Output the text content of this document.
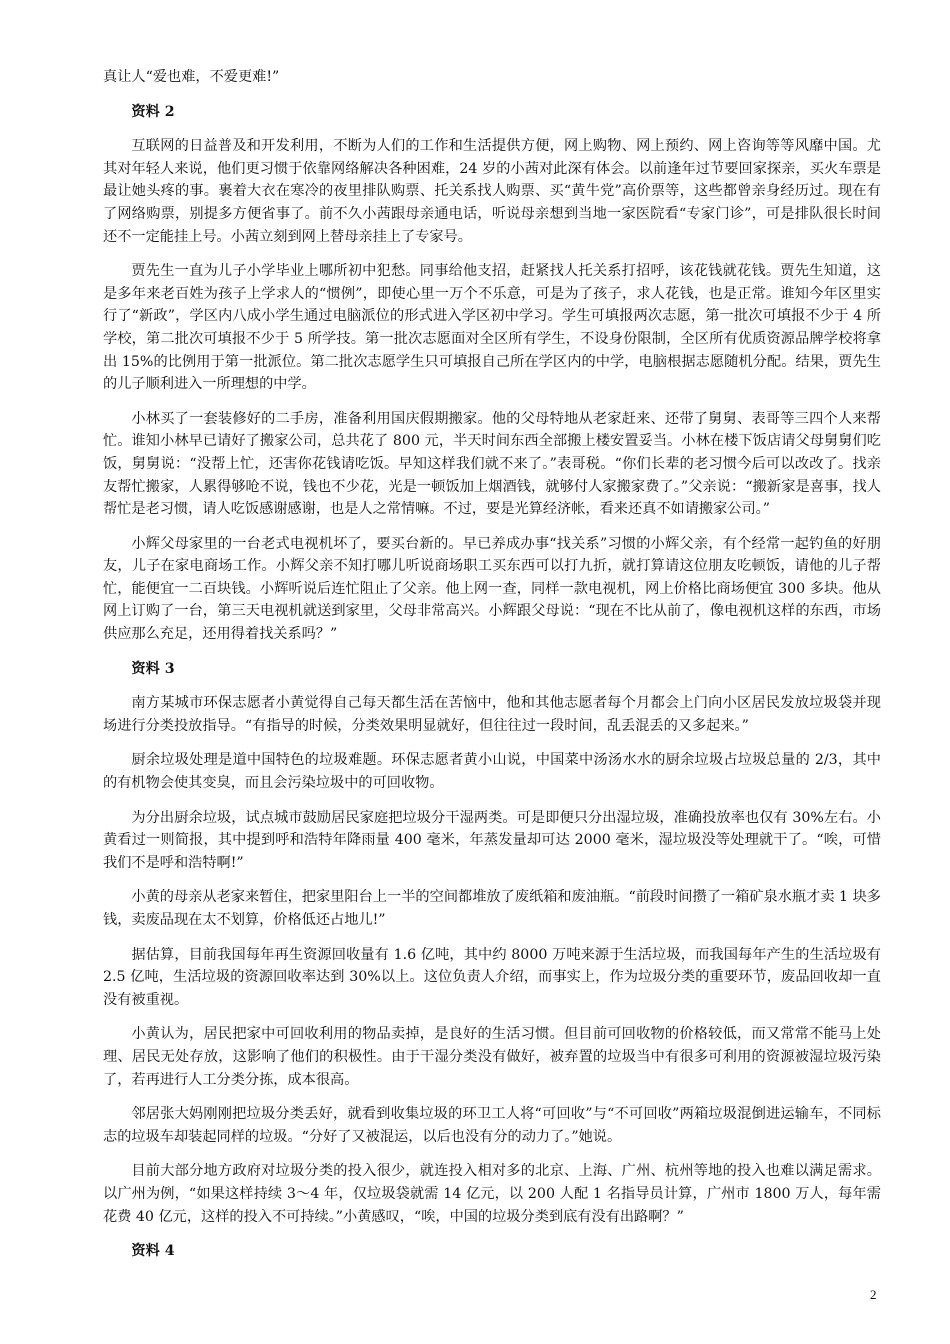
真让人“爱也难，不爱更难!”

资料 2

互联网的日益普及和开发利用，不断为人们的工作和生活提供方便，网上购物、网上预约、网上咨询等等风靡中国。尤其对年轻人来说，他们更习惯于依靠网络解决各种困难，24 岁的小茜对此深有体会。以前逢年过节要回家探亲，买火车票是最让她头疼的事。裹着大衣在寒冷的夜里排队购票、托关系找人购票、买“黄牛党”高价票等，这些都曾亲身经历过。现在有了网络购票，别提多方便省事了。前不久小茜跟母亲通电话，听说母亲想到当地一家医院看“专家门诊”，可是排队很长时间还不一定能挂上号。小茜立刻到网上替母亲挂上了专家号。

贾先生一直为儿子小学毕业上哪所初中犯愁。同事给他支招，赶紧找人托关系打招呼，该花钱就花钱。贾先生知道，这是多年来老百姓为孩子上学求人的“惯例”，即使心里一万个不乐意，可是为了孩子，求人花钱，也是正常。谁知今年区里实行了“新政”，学区内八成小学生通过电脑派位的形式进入学区初中学习。学生可填报两次志愿，第一批次可填报不少于 4 所学校，第二批次可填报不少于 5 所学技。第一批次志愿面对全区所有学生，不设身份限制，全区所有优质资源品牌学校将拿出 15%的比例用于第一批派位。第二批次志愿学生只可填报自己所在学区内的中学，电脑根据志愿随机分配。结果，贾先生的儿子顺利进入一所理想的中学。

小林买了一套装修好的二手房，准备利用国庆假期搬家。他的父母特地从老家赶来、还带了舅舅、表哥等三四个人来帮忙。谁知小林早已请好了搬家公司，总共花了 800 元，半天时间东西全部搬上楼安置妥当。小林在楼下饭店请父母舅舅们吃饭，舅舅说：“没帮上忙，还害你花钱请吃饭。早知这样我们就不来了。”表哥税。“你们长辈的老习惯今后可以改改了。找亲友帮忙搬家，人累得够呛不说，钱也不少花，光是一顿饭加上烟酒钱，就够付人家搬家费了。”父亲说：“搬新家是喜事，找人帮忙是老习惯，请人吃饭感谢感谢，也是人之常情嘛。不过，要是光算经济帐，看来还真不如请搬家公司。”

小辉父母家里的一台老式电视机坏了，要买台新的。早已养成办事“找关系”习惯的小辉父亲，有个经常一起钓鱼的好朋友，儿子在家电商场工作。小辉父亲不知打哪儿听说商场职工买东西可以打九折，就打算请这位朋友吃顿饭，请他的儿子帮忙，能便宜一二百块钱。小辉听说后连忙阻止了父亲。他上网一查，同样一款电视机，网上价格比商场便宜 300 多块。他从网上订购了一台，第三天电视机就送到家里，父母非常高兴。小辉跟父母说：“现在不比从前了，像电视机这样的东西，市场供应那么充足，还用得着找关系吗？”

资料 3

南方某城市环保志愿者小黄觉得自己每天都生活在苦恼中，他和其他志愿者每个月都会上门向小区居民发放垃圾袋并现场进行分类投放指导。“有指导的时候，分类效果明显就好，但往往过一段时间，乱丢混丢的又多起来。”

厨余垃圾处理是道中国特色的垃圾难题。环保志愿者黄小山说，中国菜中汤汤水水的厨余垃圾占垃圾总量的 2/3，其中的有机物会使其变臭，而且会污染垃圾中的可回收物。

为分出厨余垃圾，试点城市鼓励居民家庭把垃圾分干湿两类。可是即便只分出湿垃圾，准确投放率也仅有 30%左右。小黄看过一则简报，其中提到呼和浩特年降雨量 400 毫米，年蒸发量却可达 2000 毫米，湿垃圾没等处理就干了。“唉，可惜我们不是呼和浩特啊!”

小黄的母亲从老家来暂住，把家里阳台上一半的空间都堆放了废纸箱和废油瓶。“前段时间攒了一箱矿泉水瓶才卖 1 块多钱，卖废品现在太不划算，价格低还占地儿!”

据估算，目前我国每年再生资源回收量有 1.6 亿吨，其中约 8000 万吨来源于生活垃圾，而我国每年产生的生活垃圾有 2.5 亿吨，生活垃圾的资源回收率达到 30%以上。这位负责人介绍，而事实上，作为垃圾分类的重要环节，废品回收却一直没有被重视。

小黄认为，居民把家中可回收利用的物品卖掉，是良好的生活习惯。但目前可回收物的价格较低，而又常常不能马上处理、居民无处存放，这影响了他们的积极性。由于干湿分类没有做好，被弃置的垃圾当中有很多可利用的资源被湿垃圾污染了，若再进行人工分类分拣，成本很高。

邻居张大妈刚刚把垃圾分类丢好，就看到收集垃圾的环卫工人将“可回收”与“不可回收”两箱垃圾混倒进运输车，不同标志的垃圾车却装起同样的垃圾。“分好了又被混运，以后也没有分的动力了。”她说。

目前大部分地方政府对垃圾分类的投入很少，就连投入相对多的北京、上海、广州、杭州等地的投入也难以满足需求。以广州为例，“如果这样持续 3～4 年，仅垃圾袋就需 14 亿元，以 200 人配 1 名指导员计算，广州市 1800 万人，每年需花费 40 亿元，这样的投入不可持续。”小黄感叹，“唉，中国的垃圾分类到底有没有出路啊？”

资料 4
2
